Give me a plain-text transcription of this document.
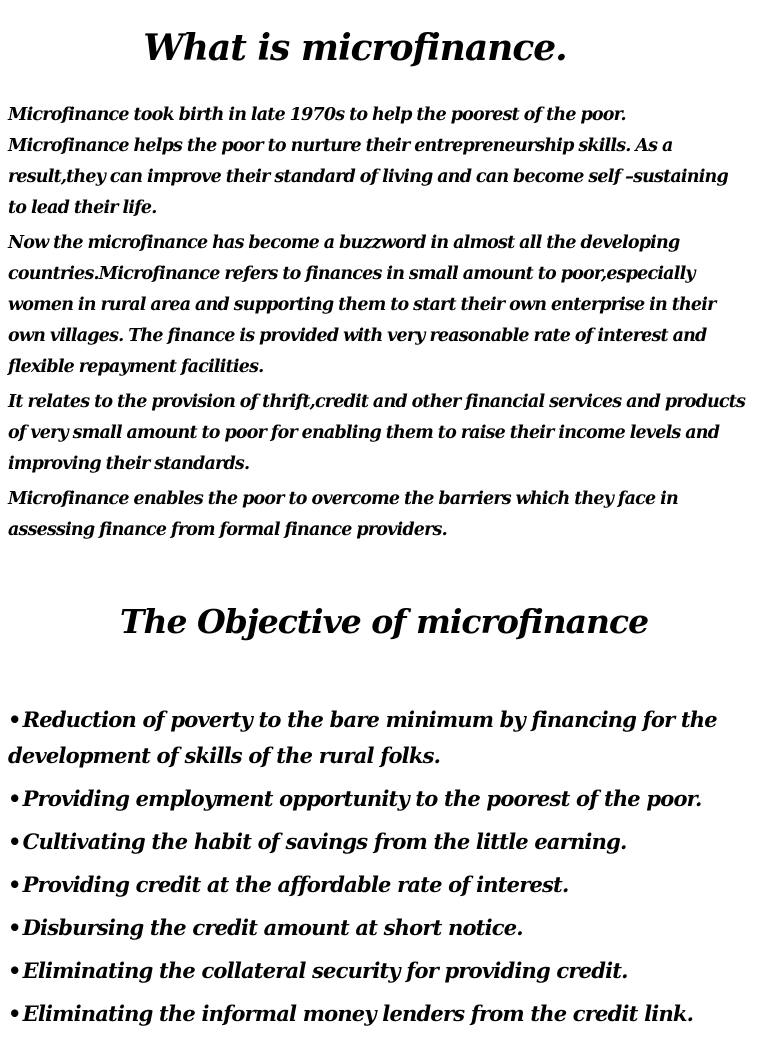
What is microfinance.

Microfinance took birth in late 1970s to help the poorest of the poor. Microfinance helps the poor to nurture their entrepreneurship skills. As a result,they can improve their standard of living and can become self –sustaining to lead their life.

Now the microfinance has become a buzzword in almost all the developing countries.Microfinance refers to finances in small amount to poor,especially women in rural area and supporting them to start their own enterprise in their own villages. The finance is provided with very reasonable rate of interest and flexible repayment facilities.

It relates to the provision of thrift,credit and other financial services and products of very small amount to poor for enabling them to raise their income levels and improving their standards.

Microfinance enables the poor to overcome the barriers which they face in assessing finance from formal finance providers.

The Objective of microfinance
•Reduction of poverty to the bare minimum by financing for the development of skills of the rural folks.
•Providing employment opportunity to the poorest of the poor.
•Cultivating the habit of savings from the little earning.
•Providing credit at the affordable rate of interest.
•Disbursing the credit amount at short notice.
•Eliminating the collateral security for providing credit.
•Eliminating the informal money lenders from the credit link.
